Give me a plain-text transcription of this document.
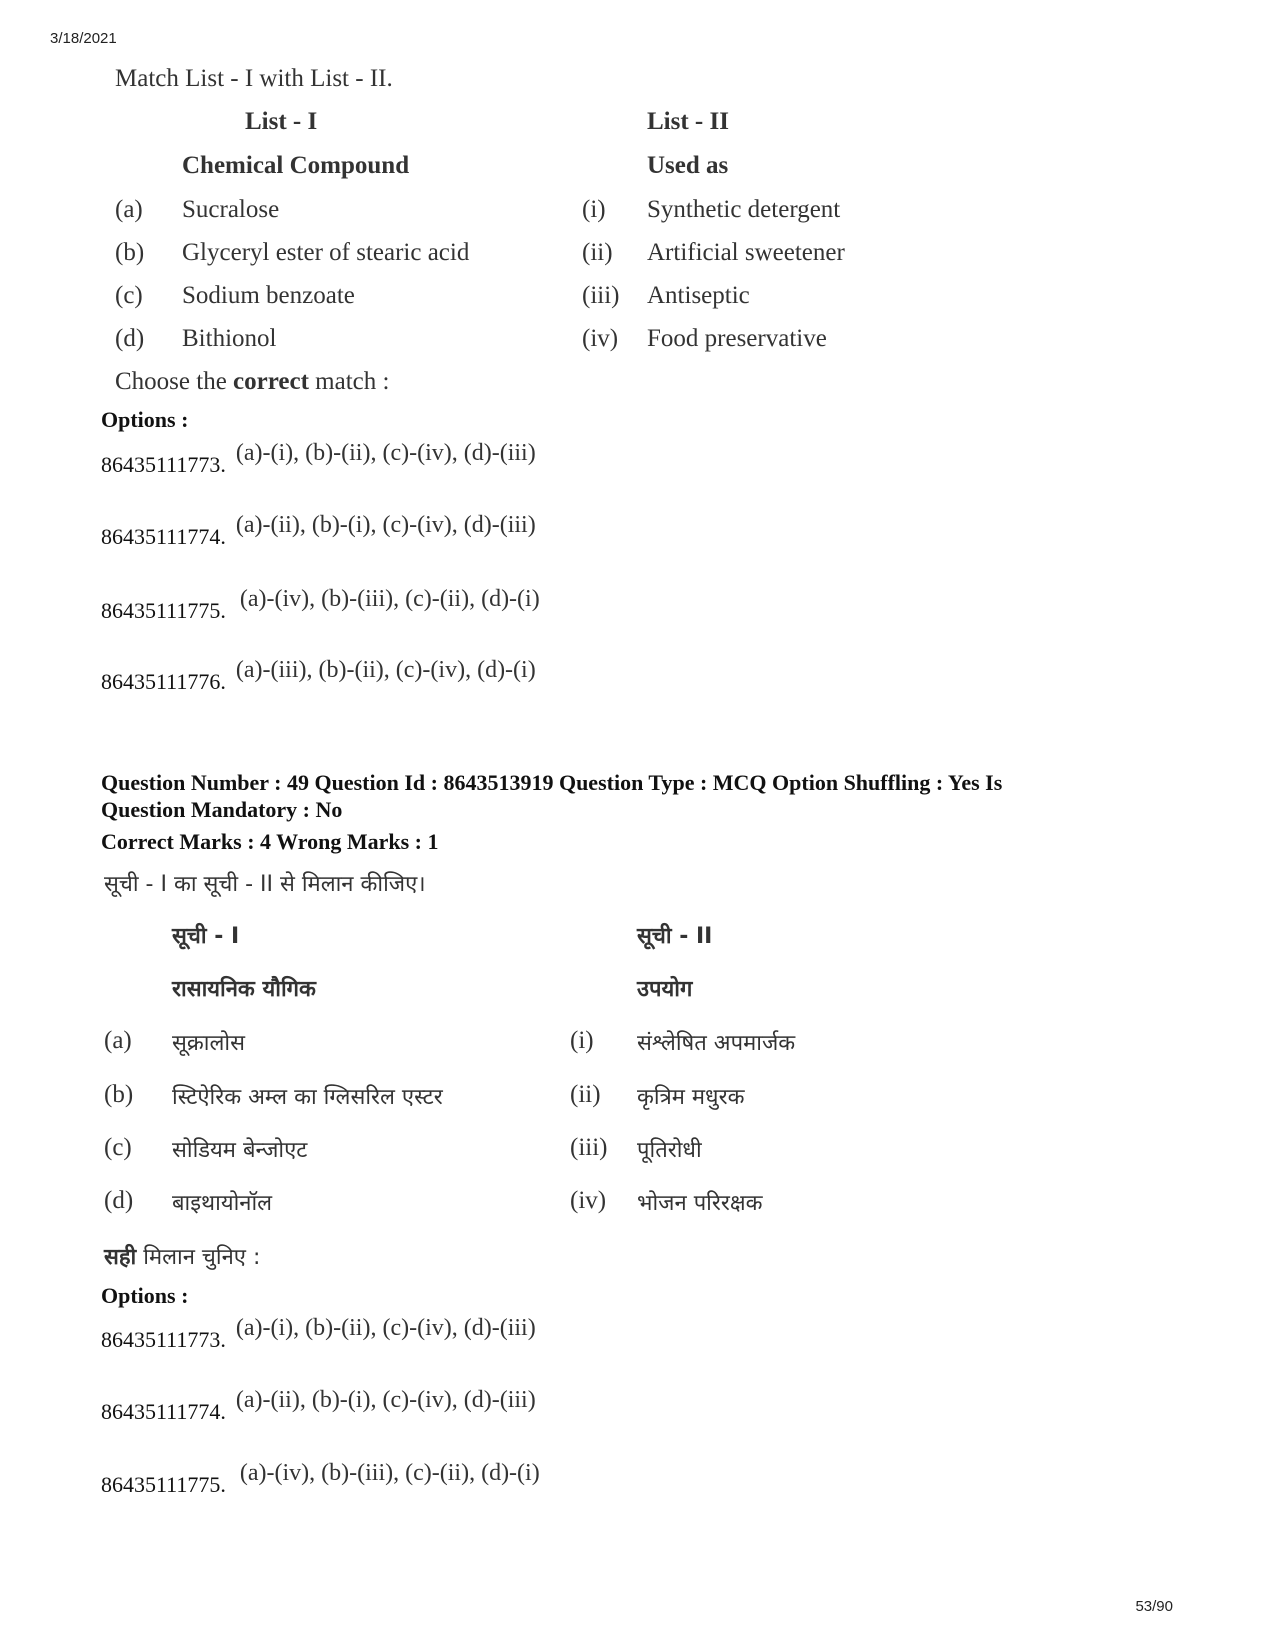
3/18/2021
Match List - I with List - II.
List - I	List - II
Chemical Compound	Used as
(a) Sucralose	(i) Synthetic detergent
(b) Glyceryl ester of stearic acid	(ii) Artificial sweetener
(c) Sodium benzoate	(iii) Antiseptic
(d) Bithionol	(iv) Food preservative
Choose the correct match :
Options :
86435111773. (a)-(i), (b)-(ii), (c)-(iv), (d)-(iii)
86435111774. (a)-(ii), (b)-(i), (c)-(iv), (d)-(iii)
86435111775. (a)-(iv), (b)-(iii), (c)-(ii), (d)-(i)
86435111776. (a)-(iii), (b)-(ii), (c)-(iv), (d)-(i)
Question Number : 49 Question Id : 8643513919 Question Type : MCQ Option Shuffling : Yes Is
Question Mandatory : No
Correct Marks : 4 Wrong Marks : 1
सूची - I का सूची - II से मिलान कीजिए।
सूची - I	सूची - II
रासायनिक यौगिक	उपयोग
(a) सूक्रालोस	(i) संश्लेषित अपमार्जक
(b) स्टिऐरिक अम्ल का ग्लिसरिल एस्टर	(ii) कृत्रिम मधुरक
(c) सोडियम बेन्जोएट	(iii) पूतिरोधी
(d) बाइथायोनॉल	(iv) भोजन परिरक्षक
सही मिलान चुनिए :
Options :
86435111773. (a)-(i), (b)-(ii), (c)-(iv), (d)-(iii)
86435111774. (a)-(ii), (b)-(i), (c)-(iv), (d)-(iii)
86435111775. (a)-(iv), (b)-(iii), (c)-(ii), (d)-(i)
53/90
